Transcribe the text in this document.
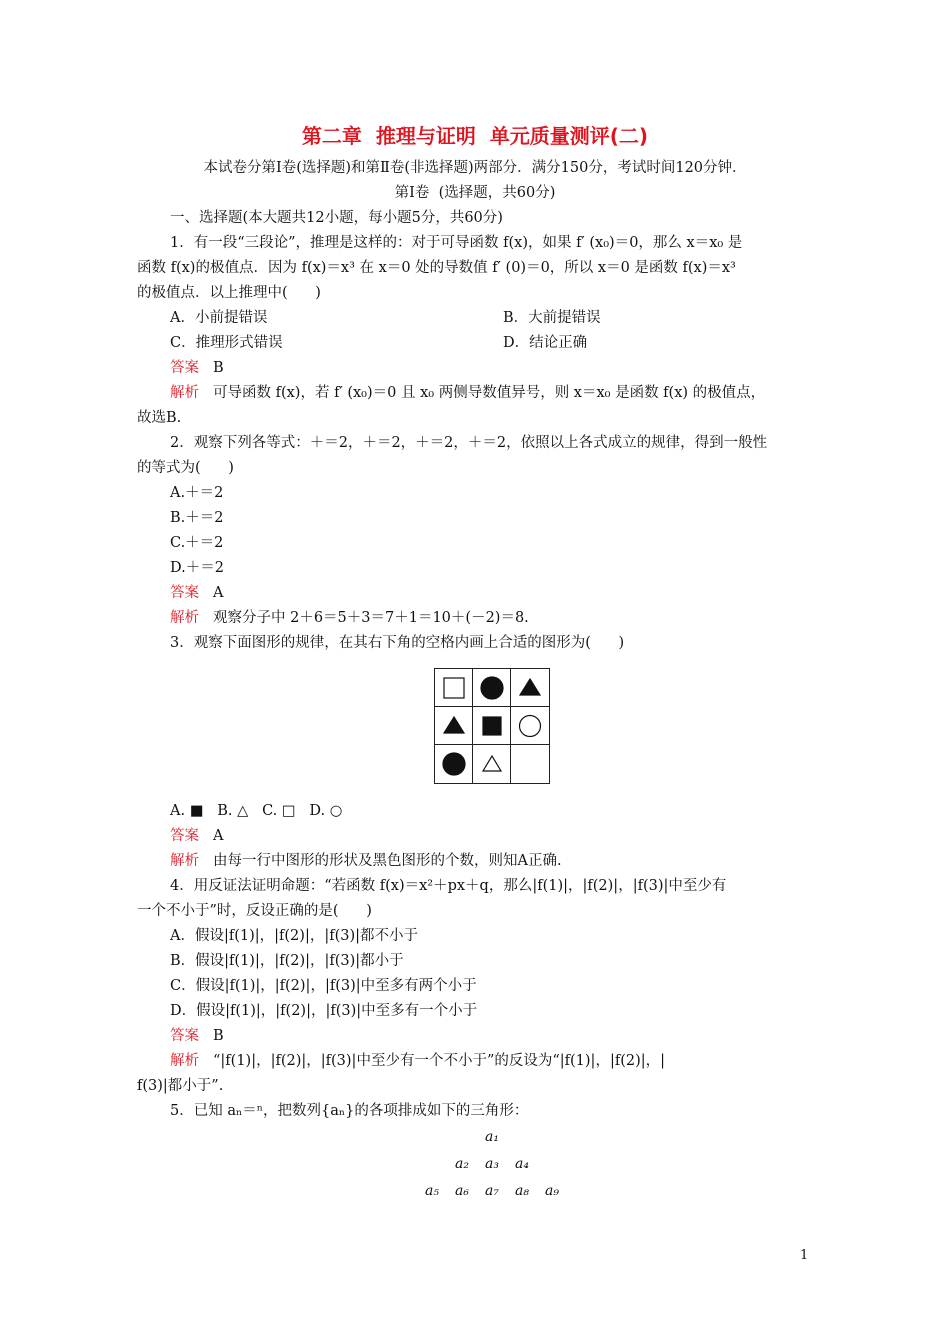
第二章  推理与证明  单元质量测评(二)
本试卷分第Ⅰ卷(选择题)和第Ⅱ卷(非选择题)两部分．满分150分，考试时间120分钟．
第Ⅰ卷  (选择题，共60分)
一、选择题(本大题共12小题，每小题5分，共60分)
1．有一段“三段论”，推理是这样的：对于可导函数 f(x)，如果 f′ (x₀)＝0，那么 x＝x₀ 是
函数 f(x)的极值点．因为 f(x)＝x³ 在 x＝0 处的导数值 f′ (0)＝0，所以 x＝0 是函数 f(x)＝x³
的极值点．以上推理中(      )
A．小前提错误	B．大前提错误
C．推理形式错误	D．结论正确
答案 B
解析 可导函数 f(x)，若 f′ (x₀)＝0 且 x₀ 两侧导数值异号，则 x＝x₀ 是函数 f(x) 的极值点，
故选B.
2．观察下列各等式：＋＝2，＋＝2，＋＝2，＋＝2，依照以上各式成立的规律，得到一般性
的等式为(      )
A.＋＝2
B.＋＝2
C.＋＝2
D.＋＝2
答案 A
解析 观察分子中 2＋6＝5＋3＝7＋1＝10＋(－2)＝8.
3．观察下面图形的规律，在其右下角的空格内画上合适的图形为(      )
A. ■   B. △   C. □   D. ○
答案 A
解析 由每一行中图形的形状及黑色图形的个数，则知A正确.
4．用反证法证明命题：“若函数 f(x)＝x²＋px＋q，那么|f(1)|，|f(2)|，|f(3)|中至少有
一个不小于”时，反设正确的是(      )
A．假设|f(1)|，|f(2)|，|f(3)|都不小于
B．假设|f(1)|，|f(2)|，|f(3)|都小于
C．假设|f(1)|，|f(2)|，|f(3)|中至多有两个小于
D．假设|f(1)|，|f(2)|，|f(3)|中至多有一个小于
答案 B
解析 “|f(1)|，|f(2)|，|f(3)|中至少有一个不小于”的反设为“|f(1)|，|f(2)|，|
f(3)|都小于”.
5．已知 aₙ＝ⁿ，把数列{aₙ}的各项排成如下的三角形：
a₁
a₂	a₃	a₄
a₅	a₆	a₇	a₈	a₉
1
